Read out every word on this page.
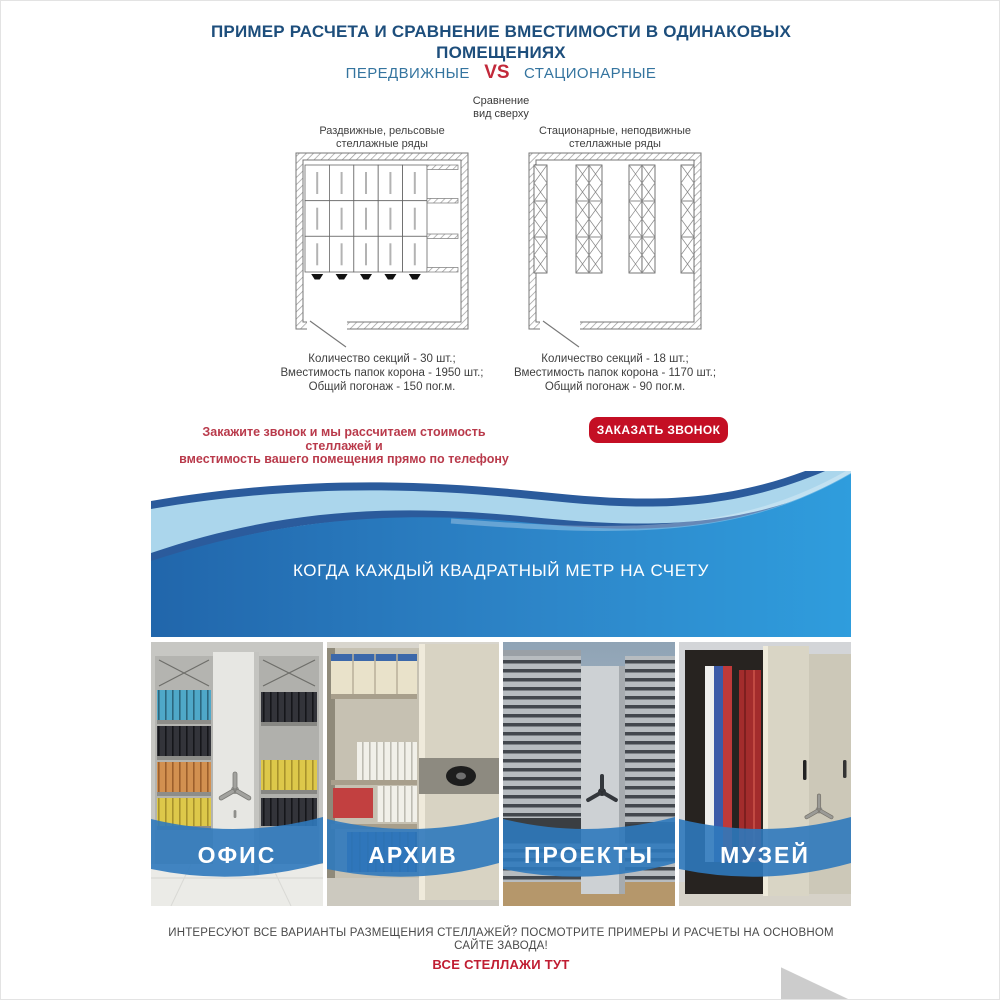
ПРИМЕР РАСЧЕТА И СРАВНЕНИЕ ВМЕСТИМОСТИ В ОДИНАКОВЫХ ПОМЕЩЕНИЯХ
ПЕРЕДВИЖНЫЕ VS СТАЦИОНАРНЫЕ
Сравнение
вид сверху
Раздвижные, рельсовые
стеллажные ряды
Стационарные, неподвижные
стеллажные ряды
Количество секций - 30 шт.;
Вместимость папок корона - 1950 шт.;
Общий погонаж - 150 пог.м.
Количество секций - 18 шт.;
Вместимость папок корона - 1170 шт.;
Общий погонаж - 90 пог.м.
Закажите звонок и мы рассчитаем стоимость стеллажей и
вместимость вашего помещения прямо по телефону
ЗАКАЗАТЬ ЗВОНОК
КОГДА КАЖДЫЙ КВАДРАТНЫЙ МЕТР НА СЧЕТУ
ОФИС	АРХИВ	ПРОЕКТЫ	МУЗЕЙ
ИНТЕРЕСУЮТ ВСЕ ВАРИАНТЫ РАЗМЕЩЕНИЯ СТЕЛЛАЖЕЙ? ПОСМОТРИТЕ ПРИМЕРЫ И РАСЧЕТЫ НА ОСНОВНОМ
САЙТЕ ЗАВОДА!
ВСЕ СТЕЛЛАЖИ ТУТ
